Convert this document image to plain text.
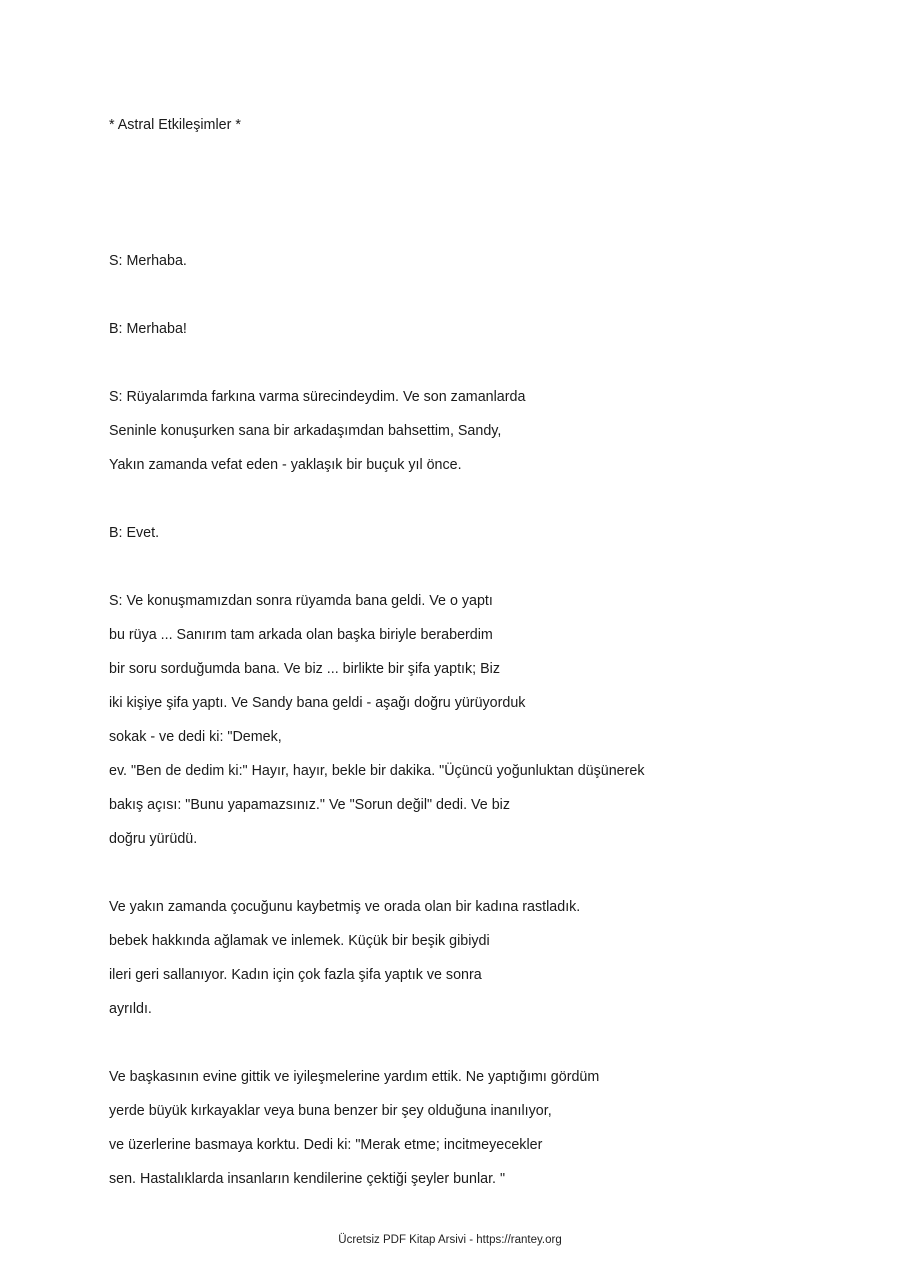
* Astral Etkileşimler *
S: Merhaba.
B: Merhaba!
S: Rüyalarımda farkına varma sürecindeydim. Ve son zamanlarda
Seninle konuşurken sana bir arkadaşımdan bahsettim, Sandy,
Yakın zamanda vefat eden - yaklaşık bir buçuk yıl önce.
B: Evet.
S: Ve konuşmamızdan sonra rüyamda bana geldi. Ve o yaptı
bu rüya ... Sanırım tam arkada olan başka biriyle beraberdim
bir soru sorduğumda bana. Ve biz ... birlikte bir şifa yaptık; Biz
iki kişiye şifa yaptı. Ve Sandy bana geldi - aşağı doğru yürüyorduk
sokak - ve dedi ki: "Demek,
ev. "Ben de dedim ki:" Hayır, hayır, bekle bir dakika. "Üçüncü yoğunluktan düşünerek
bakış açısı: "Bunu yapamazsınız." Ve "Sorun değil" dedi. Ve biz
doğru yürüdü.
Ve yakın zamanda çocuğunu kaybetmiş ve orada olan bir kadına rastladık.
bebek hakkında ağlamak ve inlemek. Küçük bir beşik gibiydi
ileri geri sallanıyor. Kadın için çok fazla şifa yaptık ve sonra
ayrıldı.
Ve başkasının evine gittik ve iyileşmelerine yardım ettik. Ne yaptığımı gördüm
yerde büyük kırkayaklar veya buna benzer bir şey olduğuna inanılıyor,
ve üzerlerine basmaya korktu. Dedi ki: "Merak etme; incitmeyecekler
sen. Hastalıklarda insanların kendilerine çektiği şeyler bunlar. "
Ücretsiz PDF Kitap Arsivi - https://rantey.org
